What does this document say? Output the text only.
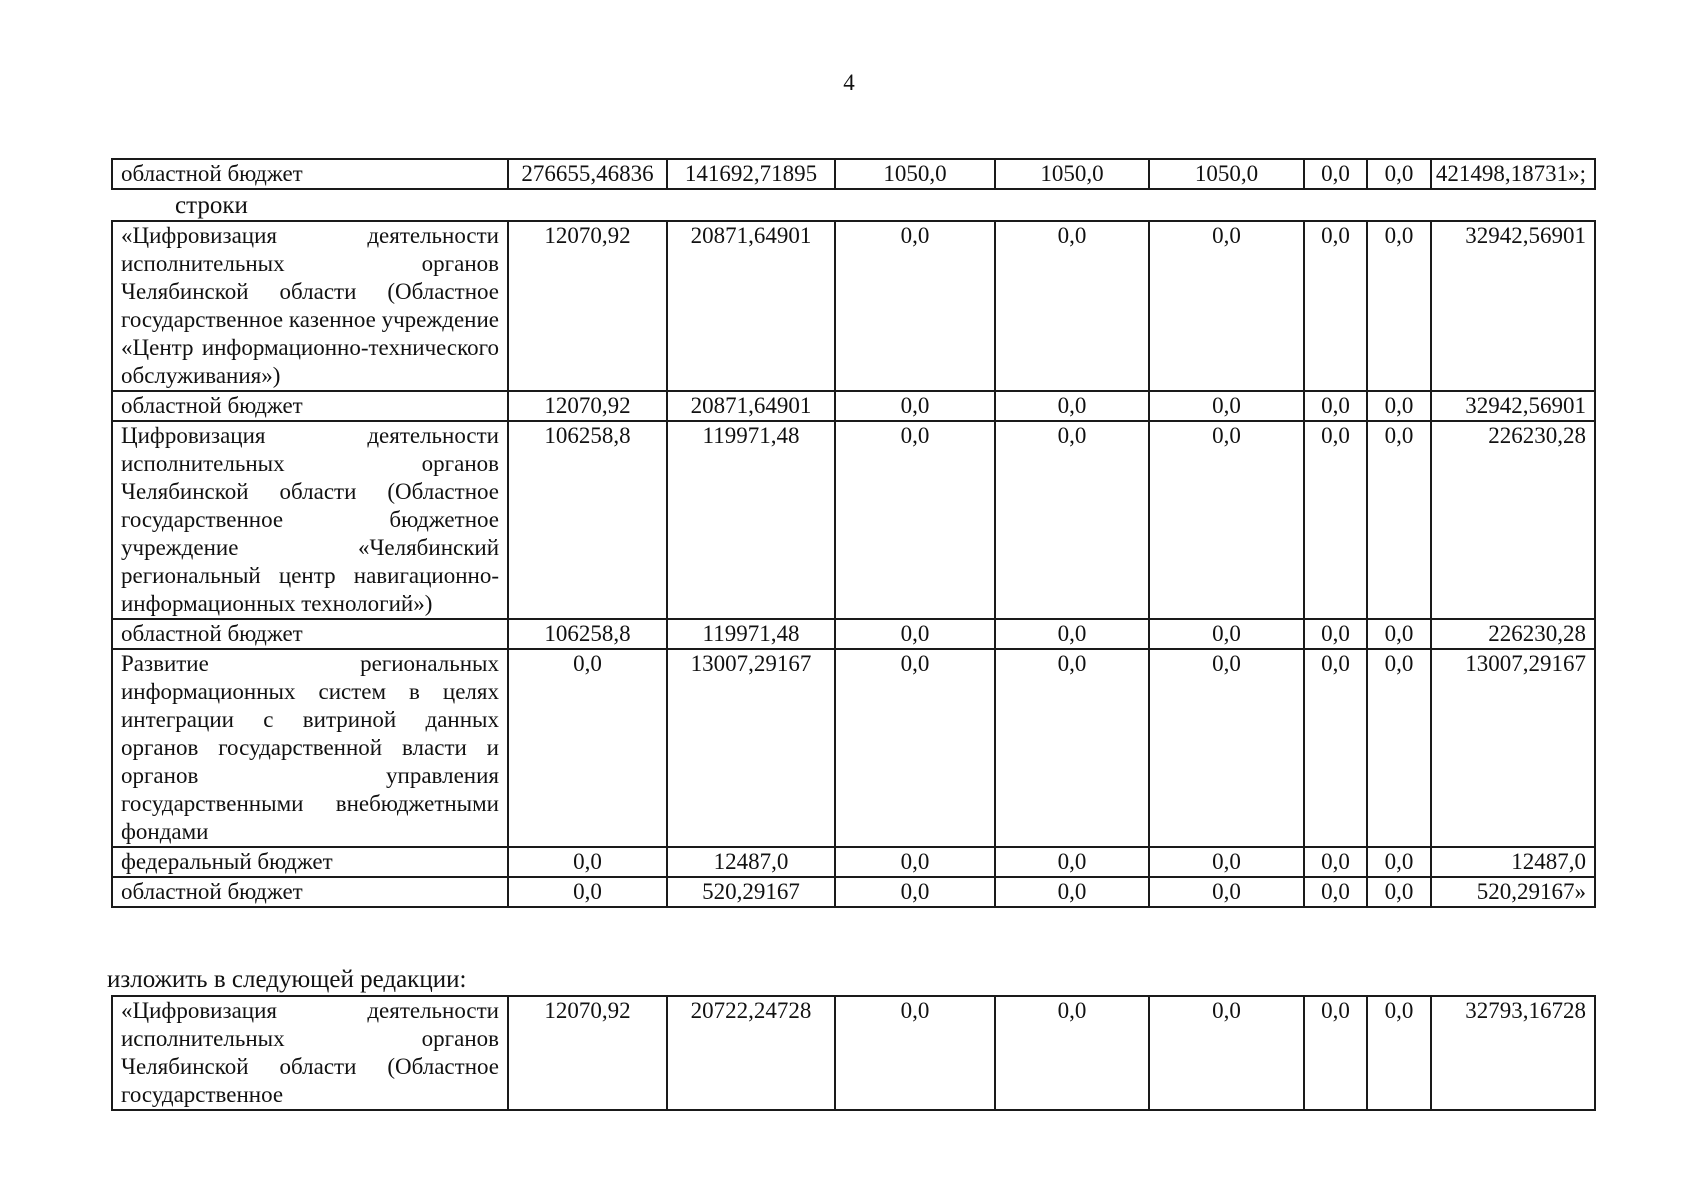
4
областной бюджет	276655,46836	141692,71895	1050,0	1050,0	1050,0	0,0	0,0	421498,18731»;
строки
«Цифровизация деятельности исполнительных органов Челябинской области (Областное государственное казенное учреждение «Центр информационно-технического обслуживания»)	12070,92	20871,64901	0,0	0,0	0,0	0,0	0,0	32942,56901
областной бюджет	12070,92	20871,64901	0,0	0,0	0,0	0,0	0,0	32942,56901
Цифровизация деятельности исполнительных органов Челябинской области (Областное государственное бюджетное учреждение «Челябинский региональный центр навигационно-информационных технологий»)	106258,8	119971,48	0,0	0,0	0,0	0,0	0,0	226230,28
областной бюджет	106258,8	119971,48	0,0	0,0	0,0	0,0	0,0	226230,28
Развитие региональных информационных систем в целях интеграции с витриной данных органов государственной власти и органов управления государственными внебюджетными фондами	0,0	13007,29167	0,0	0,0	0,0	0,0	0,0	13007,29167
федеральный бюджет	0,0	12487,0	0,0	0,0	0,0	0,0	0,0	12487,0
областной бюджет	0,0	520,29167	0,0	0,0	0,0	0,0	0,0	520,29167»
изложить в следующей редакции:
«Цифровизация деятельности исполнительных органов Челябинской области (Областное государственное	12070,92	20722,24728	0,0	0,0	0,0	0,0	0,0	32793,16728
